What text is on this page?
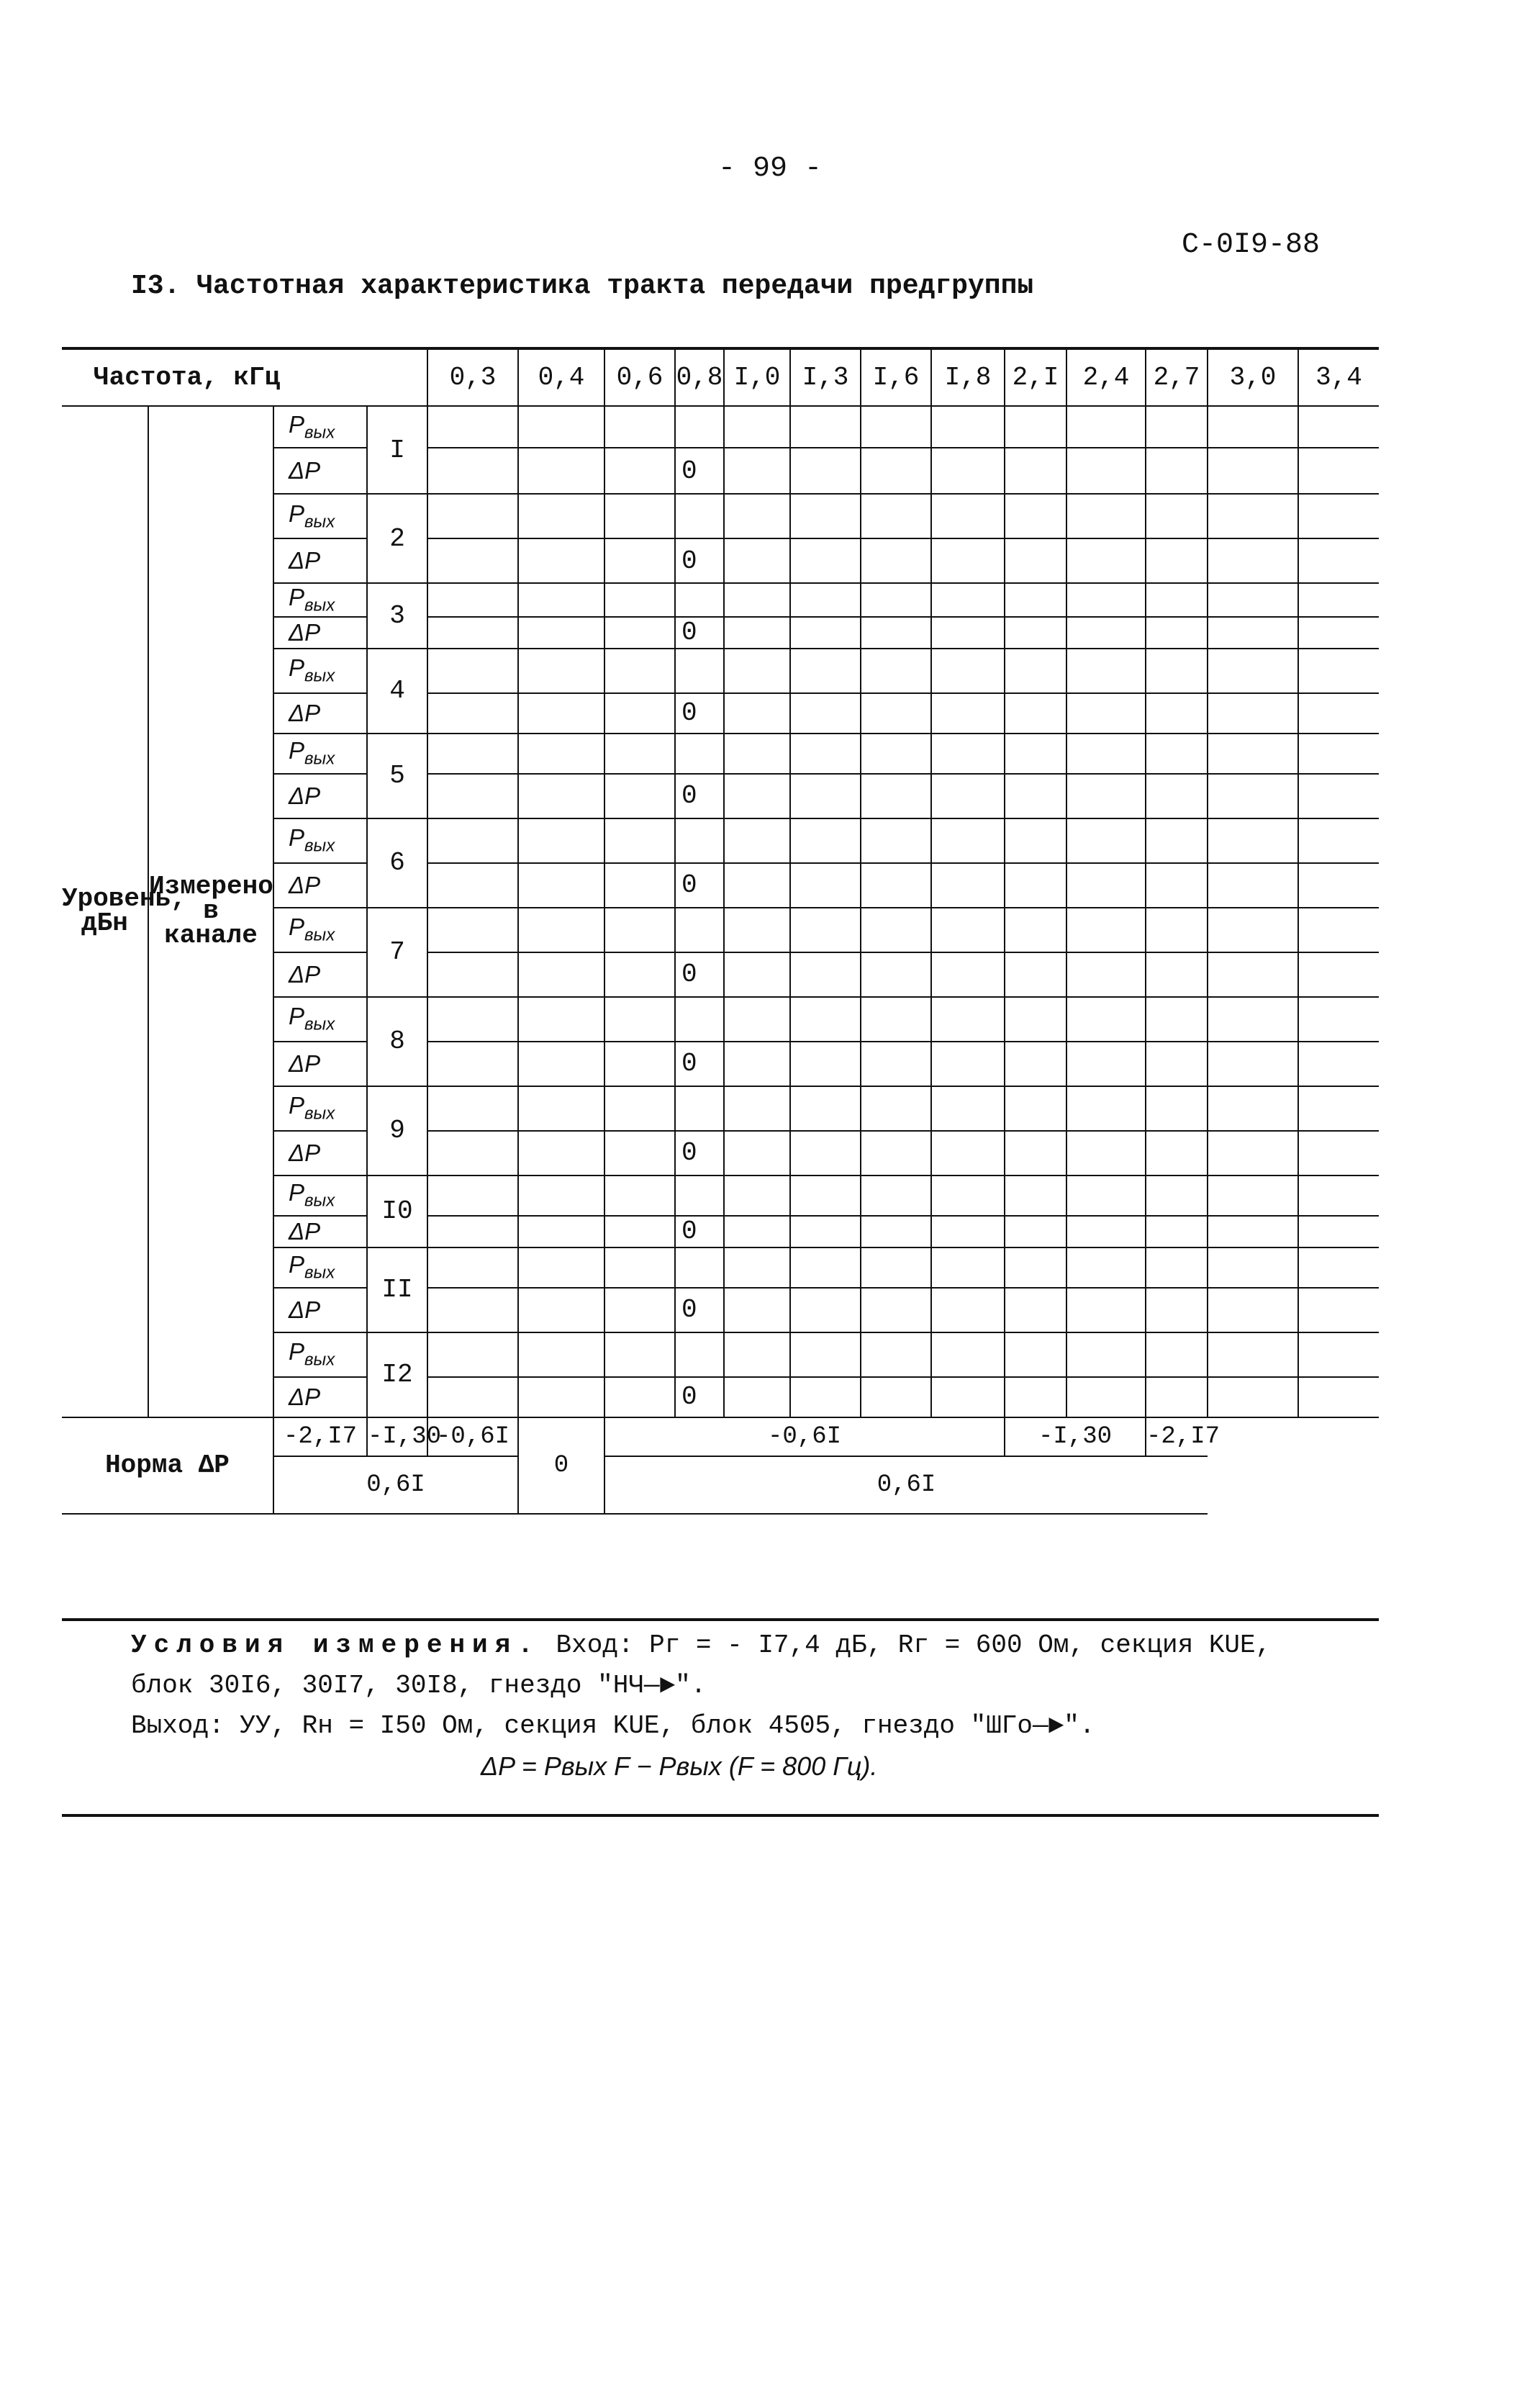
- 99 -
С-0I9-88
I3. Частотная характеристика тракта передачи предгруппы
Частота, кГц				0,3	0,4	0,6	0,8	I,0	I,3	I,6	I,8	2,I	2,4	2,7	3,0	3,4
Уровень, дБн	Измерено в канале	$P_{вых}$	I													
		ΔP					0									
		$P_{вых}$	2													
		ΔP					0									
		$P_{вых}$	3													
		ΔP					0									
		$P_{вых}$	4													
		ΔP					0									
		$P_{вых}$	5													
		ΔP					0									
		$P_{вых}$	6													
		ΔP					0									
		$P_{вых}$	7													
		ΔP					0									
		$P_{вых}$	8													
		ΔP					0									
		$P_{вых}$	9													
		ΔP					0									
		$P_{вых}$	I0													
		ΔP					0									
		$P_{вых}$	II													
		ΔP					0									
		$P_{вых}$	I2													
		ΔP					0									
Норма ΔP		-2,I7	-I,30	-0,6I	0	-0,6I						-I,30		-2,I7		
		0,6I				0,6I										

Условия измерения. Вход: Pг = - I7,4 дБ, Rг = 600 Ом, секция KUE,

блок 30I6, 30I7, 30I8, гнездо "НЧ—►".

Выход: УУ, Rн = I50 Ом, секция KUE, блок 4505, гнездо "ШГо—►".

ΔP = Pвых F − Pвых (F = 800 Гц).
